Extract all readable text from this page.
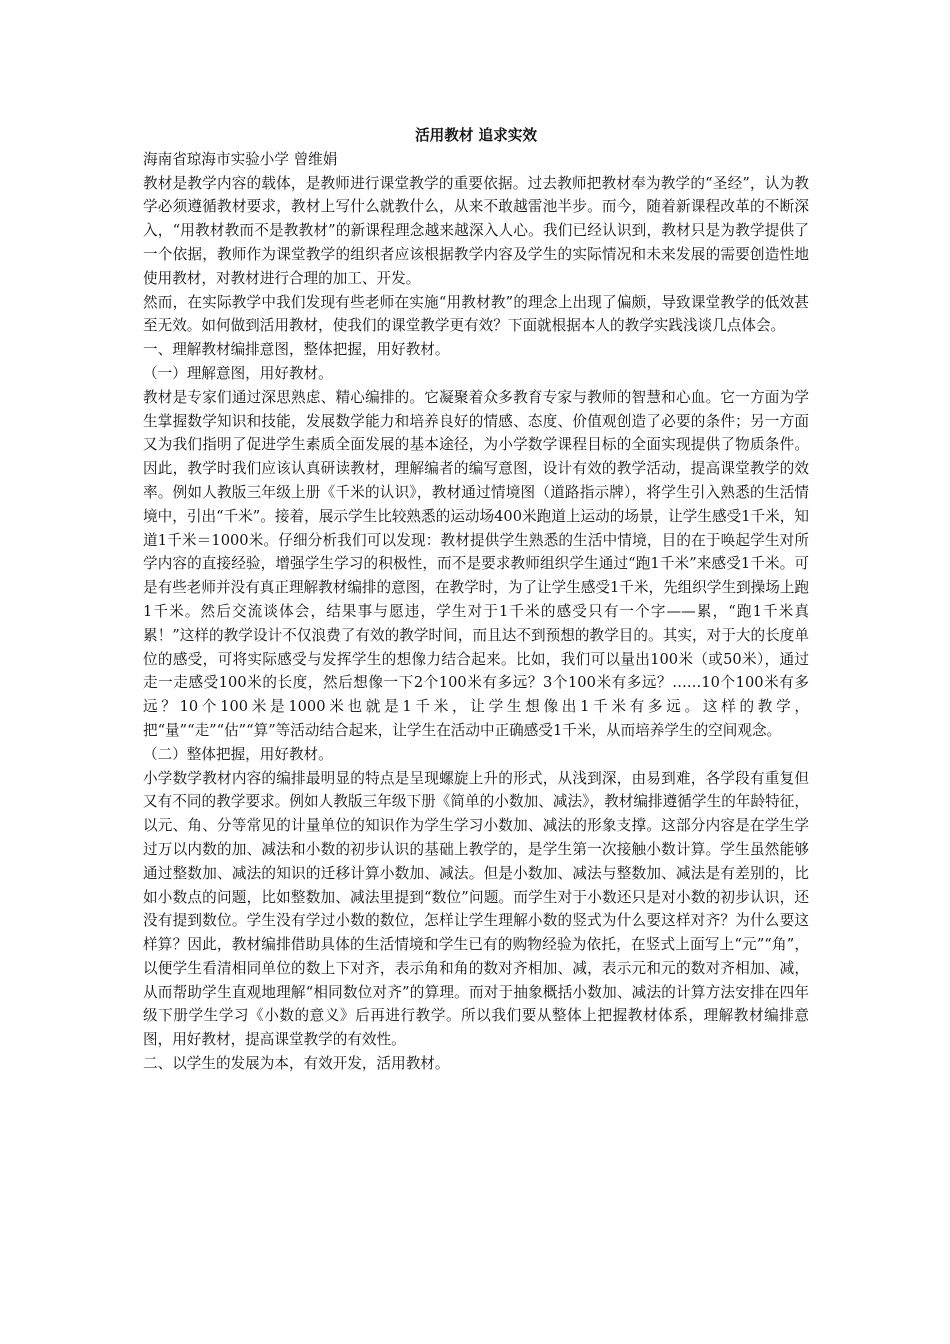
活用教材 追求实效

海南省琼海市实验小学 曾维娟

教材是教学内容的载体，是教师进行课堂教学的重要依据。过去教师把教材奉为教学的“圣经”，认为教学必须遵循教材要求，教材上写什么就教什么，从来不敢越雷池半步。而今，随着新课程改革的不断深入，“用教材教而不是教教材”的新课程理念越来越深入人心。我们已经认识到，教材只是为教学提供了一个依据，教师作为课堂教学的组织者应该根据教学内容及学生的实际情况和未来发展的需要创造性地使用教材，对教材进行合理的加工、开发。

然而，在实际教学中我们发现有些老师在实施“用教材教”的理念上出现了偏颇，导致课堂教学的低效甚至无效。如何做到活用教材，使我们的课堂教学更有效？下面就根据本人的教学实践浅谈几点体会。

一、理解教材编排意图，整体把握，用好教材。

（一）理解意图，用好教材。

教材是专家们通过深思熟虑、精心编排的。它凝聚着众多教育专家与教师的智慧和心血。它一方面为学生掌握数学知识和技能，发展数学能力和培养良好的情感、态度、价值观创造了必要的条件；另一方面又为我们指明了促进学生素质全面发展的基本途径，为小学数学课程目标的全面实现提供了物质条件。因此，教学时我们应该认真研读教材，理解编者的编写意图，设计有效的教学活动，提高课堂教学的效率。例如人教版三年级上册《千米的认识》，教材通过情境图（道路指示牌），将学生引入熟悉的生活情境中，引出“千米”。接着，展示学生比较熟悉的运动场400米跑道上运动的场景，让学生感受1千米，知道1千米＝1000米。仔细分析我们可以发现：教材提供学生熟悉的生活中情境，目的在于唤起学生对所学内容的直接经验，增强学生学习的积极性，而不是要求教师组织学生通过“跑1千米”来感受1千米。可是有些老师并没有真正理解教材编排的意图，在教学时，为了让学生感受1千米，先组织学生到操场上跑1千米。然后交流谈体会，结果事与愿违，学生对于1千米的感受只有一个字——累，“跑1千米真累！”这样的教学设计不仅浪费了有效的教学时间，而且达不到预想的教学目的。其实，对于大的长度单位的感受，可将实际感受与发挥学生的想像力结合起来。比如，我们可以量出100米（或50米），通过走一走感受100米的长度，然后想像一下2个100米有多远？3个100米有多远？……10个100米有多远？10个100米是1000米也就是1千米，让学生想像出1千米有多远。这样的教学，把“量”“走”“估”“算”等活动结合起来，让学生在活动中正确感受1千米，从而培养学生的空间观念。

（二）整体把握，用好教材。

小学数学教材内容的编排最明显的特点是呈现螺旋上升的形式，从浅到深，由易到难，各学段有重复但又有不同的教学要求。例如人教版三年级下册《简单的小数加、减法》，教材编排遵循学生的年龄特征，以元、角、分等常见的计量单位的知识作为学生学习小数加、减法的形象支撑。这部分内容是在学生学过万以内数的加、减法和小数的初步认识的基础上教学的，是学生第一次接触小数计算。学生虽然能够通过整数加、减法的知识的迁移计算小数加、减法。但是小数加、减法与整数加、减法是有差别的，比如小数点的问题，比如整数加、减法里提到“数位”问题。而学生对于小数还只是对小数的初步认识，还没有提到数位。学生没有学过小数的数位，怎样让学生理解小数的竖式为什么要这样对齐？为什么要这样算？因此，教材编排借助具体的生活情境和学生已有的购物经验为依托，在竖式上面写上“元”“角”，以便学生看清相同单位的数上下对齐，表示角和角的数对齐相加、减，表示元和元的数对齐相加、减，从而帮助学生直观地理解“相同数位对齐”的算理。而对于抽象概括小数加、减法的计算方法安排在四年级下册学生学习《小数的意义》后再进行教学。所以我们要从整体上把握教材体系，理解教材编排意图，用好教材，提高课堂教学的有效性。

二、以学生的发展为本，有效开发，活用教材。
